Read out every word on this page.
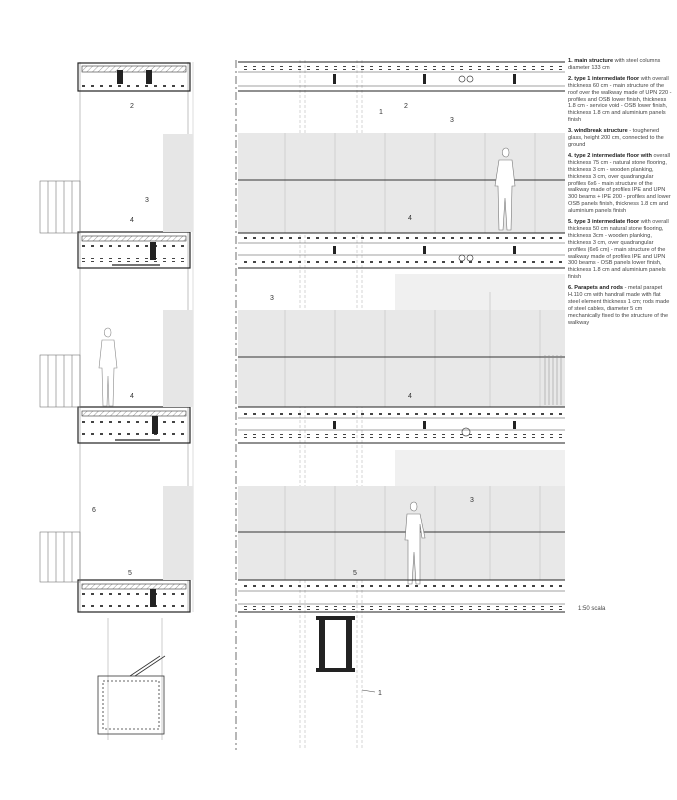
2
3
4
4
6
5
1
2
3
4
3
4
3
5
1
1. main structure with steel columns diameter 133 cm
2. type 1 intermediate floor with overall thickness 60 cm - main structure of the roof over the walkway made of UPN 220 - profiles and OSB lower finish, thickness 1.8 cm - service void - OSB lower finish, thickness 1.8 cm and aluminium panels finish
3. windbreak structure - toughened glass, height 200 cm, connected to the ground
4. type 2 intermediate floor with overall thickness 75 cm - natural stone flooring, thickness 3 cm - wooden planking, thickness 3 cm, over quadrangular profiles 6x6 - main structure of the walkway made of profiles IPE and UPN 300 beams + IPE 200 - profiles and lower OSB panels finish, thickness 1.8 cm and aluminium panels finish
5. type 3 intermediate floor with overall thickness 50 cm natural stone flooring, thickness 3cm - wooden planking, thickness 3 cm, over quadrangular profiles (6x6 cm) - main structure of the walkway made of profiles IPE and UPN 300 beams - OSB panels lower finish, thickness 1.8 cm and aluminium panels finish
6. Parapets and rods - metal parapet H.110 cm with handrail made with flat steel element thickness 1 cm; rods made of steel cables, diameter 5 cm mechanically fixed to the structure of the walkway
1:50 scala
